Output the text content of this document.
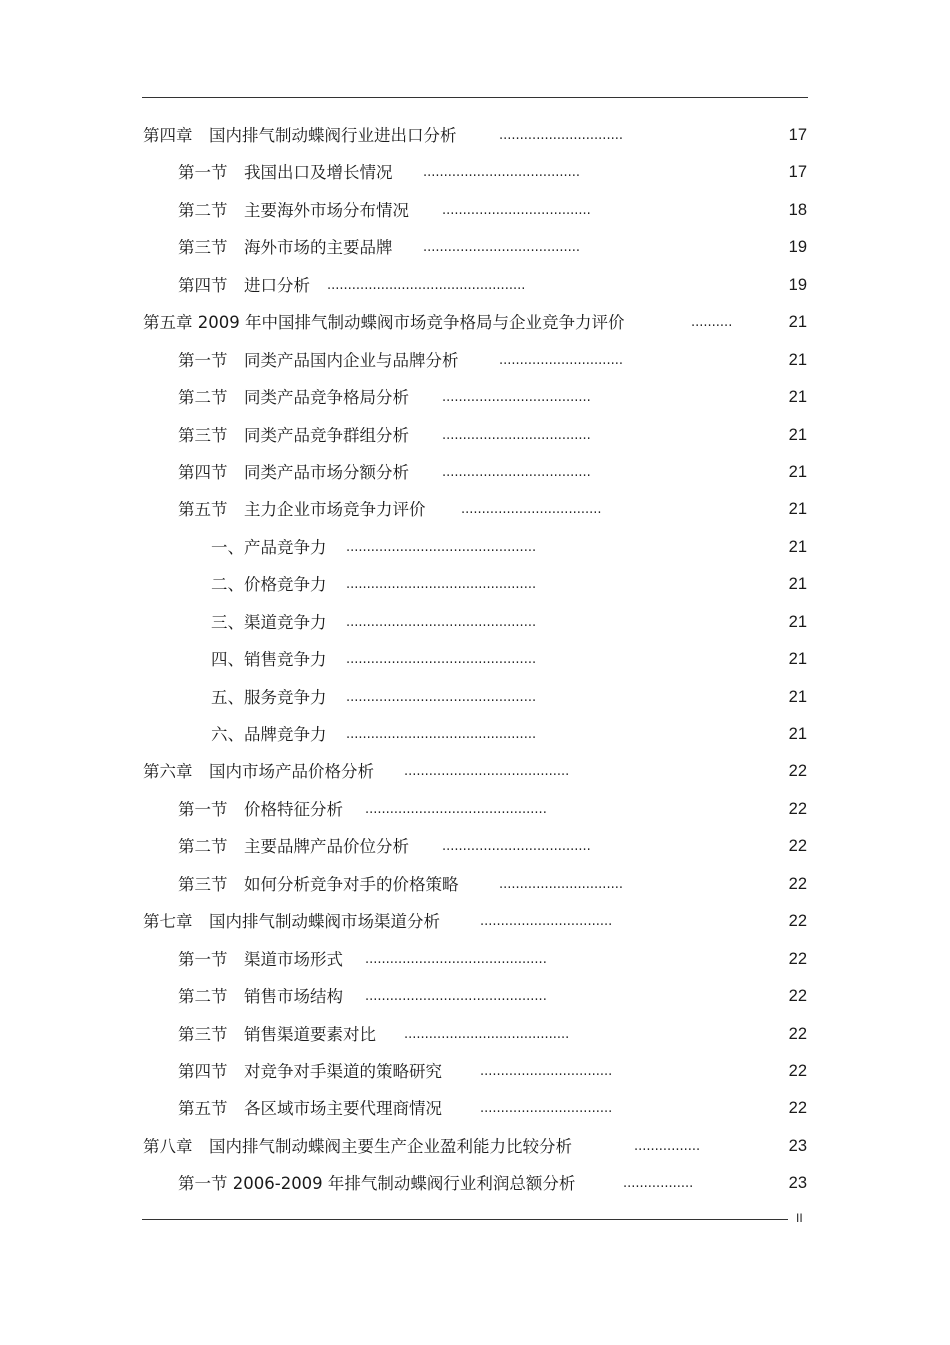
第四章　国内排气制动蝶阀行业进出口分析	..............................	17
第一节　我国出口及增长情况 ......................................	17
第二节　主要海外市场分布情况	....................................	18
第三节　海外市场的主要品牌 ......................................	19
第四节　进口分析 ................................................	19
第五章 2009 年中国排气制动蝶阀市场竞争格局与企业竞争力评价	..........	21
第一节　同类产品国内企业与品牌分析	..............................	21
第二节　同类产品竞争格局分析	....................................	21
第三节　同类产品竞争群组分析	....................................	21
第四节　同类产品市场分额分析	....................................	21
第五节　主力企业市场竞争力评价	..................................	21
一、产品竞争力 ..............................................	21
二、价格竞争力 ..............................................	21
三、渠道竞争力 ..............................................	21
四、销售竞争力 ..............................................	21
五、服务竞争力 ..............................................	21
六、品牌竞争力 ..............................................	21
第六章　国内市场产品价格分析 ........................................	22
第一节　价格特征分析 ............................................	22
第二节　主要品牌产品价位分析	....................................	22
第三节　如何分析竞争对手的价格策略	..............................	22
第七章　国内排气制动蝶阀市场渠道分析	................................	22
第一节　渠道市场形式 ............................................	22
第二节　销售市场结构 ............................................	22
第三节　销售渠道要素对比 ........................................	22
第四节　对竞争对手渠道的策略研究	................................	22
第五节　各区域市场主要代理商情况	................................	22
第八章　国内排气制动蝶阀主要生产企业盈利能力比较分析	................	23
第一节 2006-2009 年排气制动蝶阀行业利润总额分析	.................	23
II
